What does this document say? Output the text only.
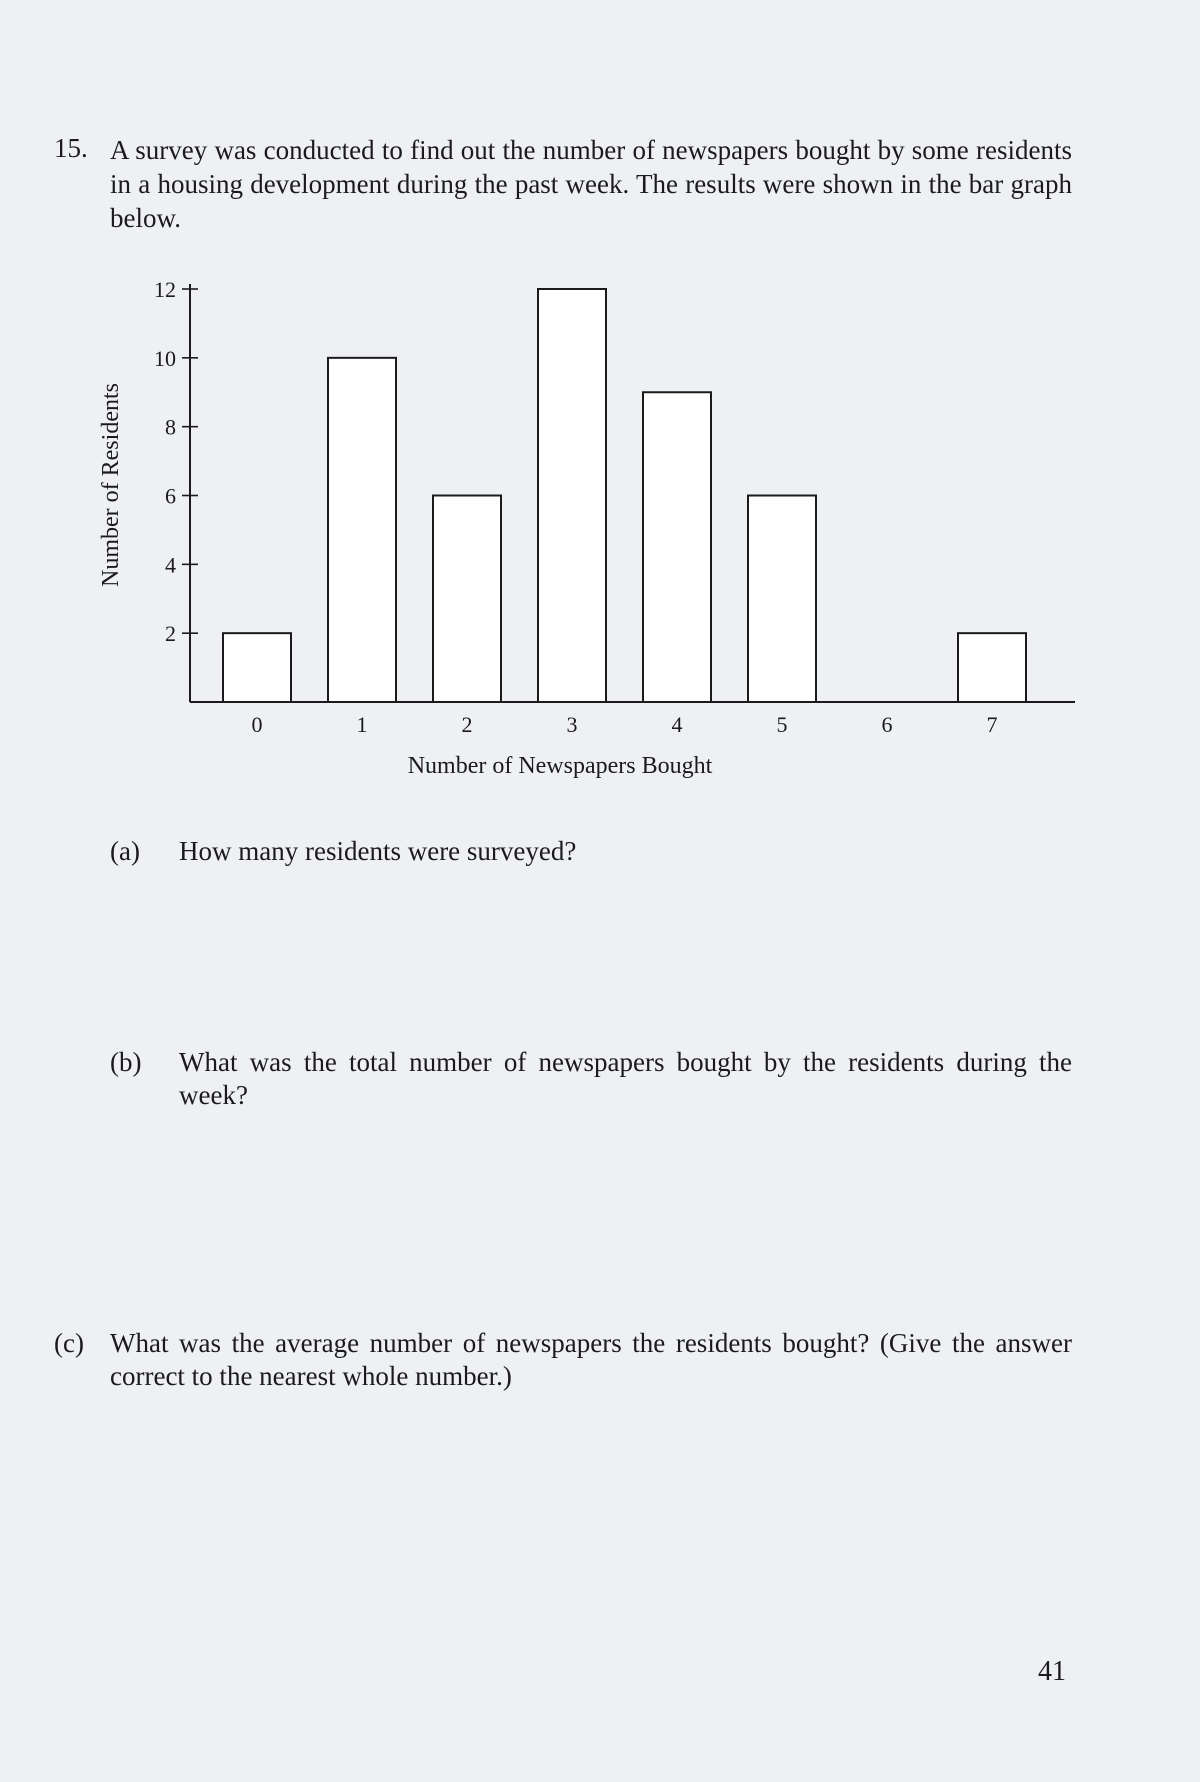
15. A survey was conducted to find out the number of newspapers bought by some residents in a housing development during the past week. The results were shown in the bar graph below.
2
4
6
8
10
12
0	1	2	3	4	5	6	7
Number of Newspapers Bought
Number of Residents
(a) How many residents were surveyed?
(b) What was the total number of newspapers bought by the residents during the week?
(c) What was the average number of newspapers the residents bought? (Give the answer correct to the nearest whole number.)
41
